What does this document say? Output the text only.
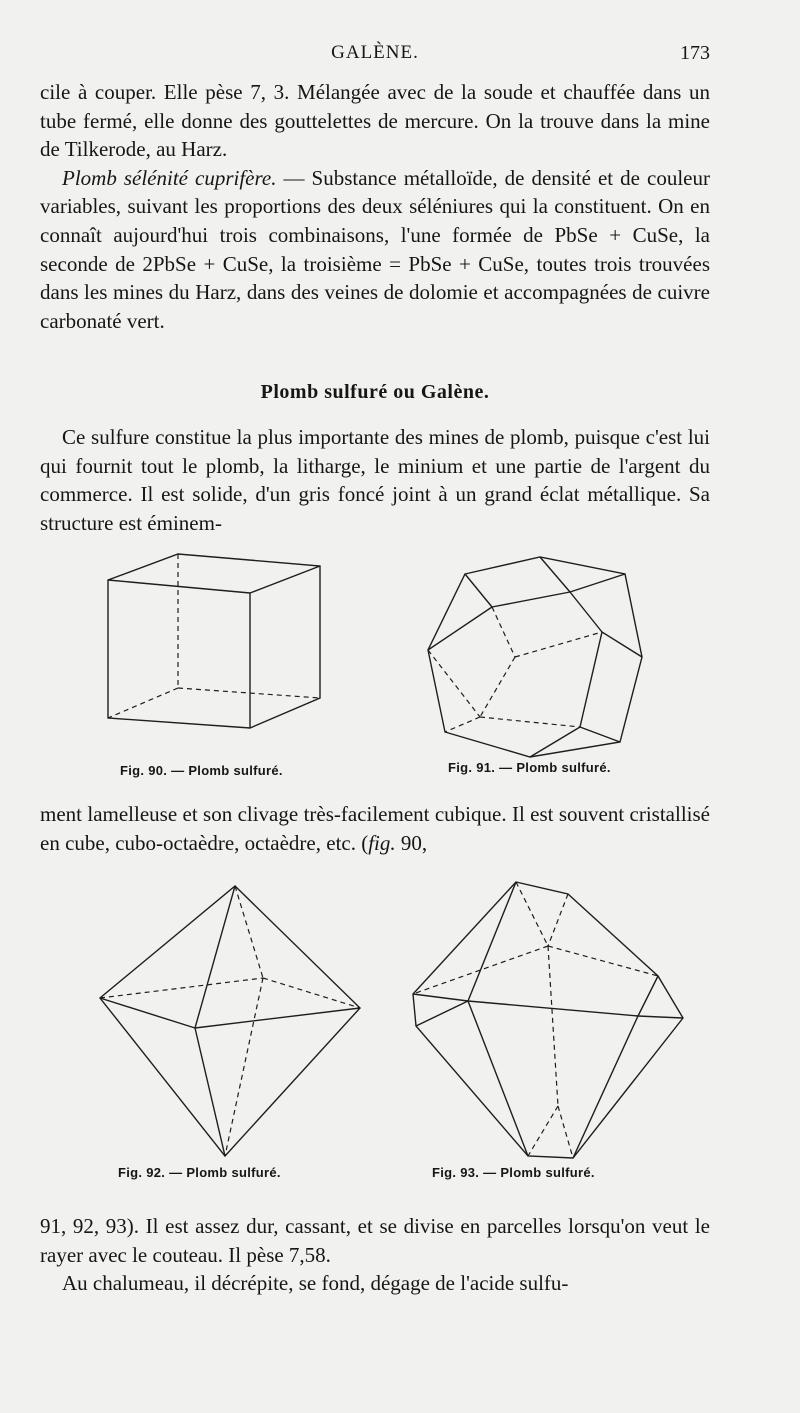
GALÈNE.	173

cile à couper. Elle pèse 7, 3. Mélangée avec de la soude et chauffée dans un tube fermé, elle donne des gouttelettes de mercure. On la trouve dans la mine de Tilkerode, au Harz.

Plomb sélénité cuprifère. — Substance métalloïde, de densité et de couleur variables, suivant les proportions des deux séléniures qui la constituent. On en connaît aujourd'hui trois combinaisons, l'une formée de PbSe + CuSe, la seconde de 2PbSe + CuSe, la troisième = PbSe + CuSe, toutes trois trouvées dans les mines du Harz, dans des veines de dolomie et accompagnées de cuivre carbonaté vert.

Plomb sulfuré ou Galène.

Ce sulfure constitue la plus importante des mines de plomb, puisque c'est lui qui fournit tout le plomb, la litharge, le minium et une partie de l'argent du commerce. Il est solide, d'un gris foncé joint à un grand éclat métallique. Sa structure est éminem-

Fig. 90. — Plomb sulfuré.	Fig. 91. — Plomb sulfuré.

ment lamelleuse et son clivage très-facilement cubique. Il est souvent cristallisé en cube, cubo-octaèdre, octaèdre, etc. (fig. 90,

Fig. 92. — Plomb sulfuré.	Fig. 93. — Plomb sulfuré.

91, 92, 93). Il est assez dur, cassant, et se divise en parcelles lorsqu'on veut le rayer avec le couteau. Il pèse 7,58.

Au chalumeau, il décrépite, se fond, dégage de l'acide sulfu-
